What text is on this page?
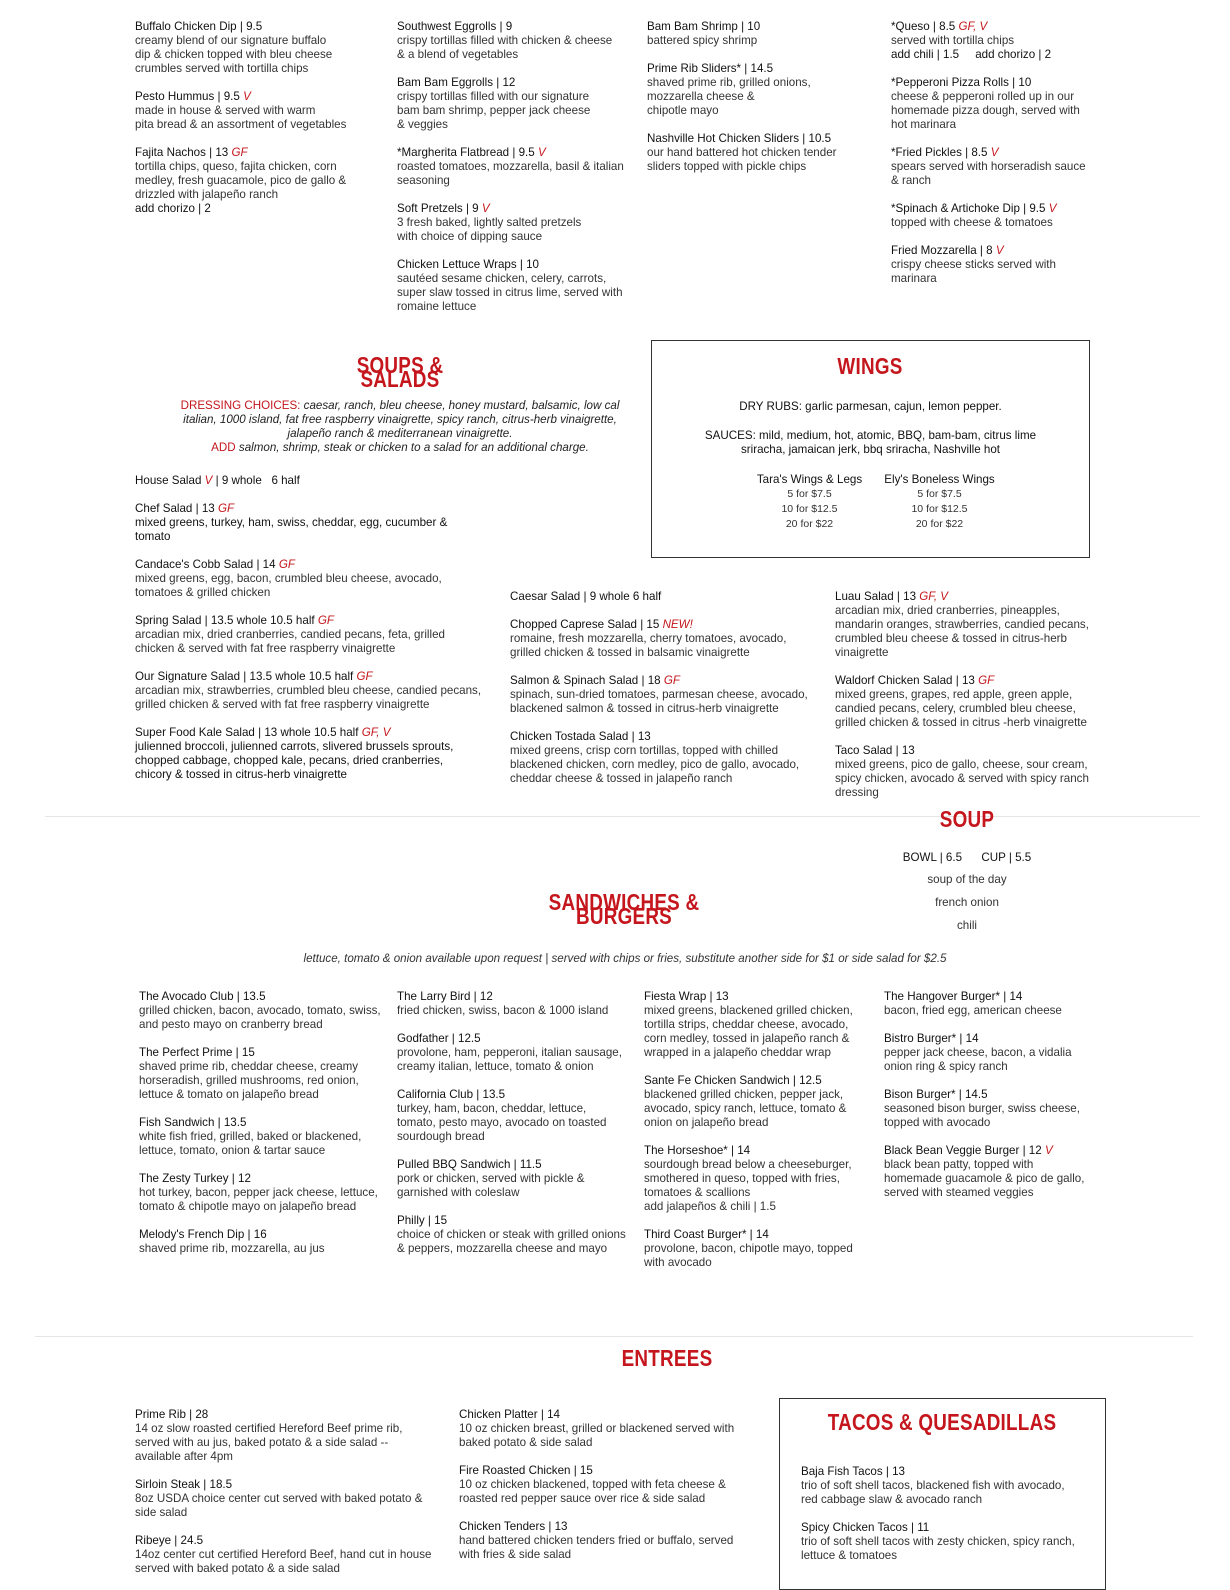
Buffalo Chicken Dip | 9.5
creamy blend of our signature buffalo
dip & chicken topped with bleu cheese
crumbles served with tortilla chips
Pesto Hummus | 9.5 V
made in house & served with warm
pita bread & an assortment of vegetables
Fajita Nachos | 13 GF
tortilla chips, queso, fajita chicken, corn
medley, fresh guacamole, pico de gallo &
drizzled with jalapeño ranch
add chorizo | 2
Southwest Eggrolls | 9
crispy tortillas filled with chicken & cheese
& a blend of vegetables
Bam Bam Eggrolls | 12
crispy tortillas filled with our signature
bam bam shrimp, pepper jack cheese
& veggies
*Margherita Flatbread | 9.5 V
roasted tomatoes, mozzarella, basil & italian
seasoning
Soft Pretzels | 9 V
3 fresh baked, lightly salted pretzels
with choice of dipping sauce
Chicken Lettuce Wraps | 10
sautéed sesame chicken, celery, carrots,
super slaw tossed in citrus lime, served with
romaine lettuce
Bam Bam Shrimp | 10
battered spicy shrimp
Prime Rib Sliders* | 14.5
shaved prime rib, grilled onions,
mozzarella cheese &
chipotle mayo
Nashville Hot Chicken Sliders | 10.5
our hand battered hot chicken tender
sliders topped with pickle chips
*Queso | 8.5 GF, V
served with tortilla chips
add chili | 1.5     add chorizo | 2
*Pepperoni Pizza Rolls | 10
cheese & pepperoni rolled up in our
homemade pizza dough, served with
hot marinara
*Fried Pickles | 8.5 V
spears served with horseradish sauce
& ranch
*Spinach & Artichoke Dip | 9.5 V
topped with cheese & tomatoes
Fried Mozzarella | 8 V
crispy cheese sticks served with
marinara
SOUPS & SALADS
DRESSING CHOICES: caesar, ranch, bleu cheese, honey mustard, balsamic, low cal italian, 1000 island, fat free raspberry vinaigrette, spicy ranch, citrus-herb vinaigrette, jalapeño ranch & mediterranean vinaigrette.
ADD salmon, shrimp, steak or chicken to a salad for an additional charge.
House Salad V | 9 whole   6 half
Chef Salad | 13 GF
mixed greens, turkey, ham, swiss, cheddar, egg, cucumber &
tomato
Candace's Cobb Salad | 14 GF
mixed greens, egg, bacon, crumbled bleu cheese, avocado,
tomatoes & grilled chicken
Spring Salad | 13.5 whole 10.5 half GF
arcadian mix, dried cranberries, candied pecans, feta, grilled
chicken & served with fat free raspberry vinaigrette
Our Signature Salad | 13.5 whole 10.5 half GF
arcadian mix, strawberries, crumbled bleu cheese, candied pecans,
grilled chicken & served with fat free raspberry vinaigrette
Super Food Kale Salad | 13 whole 10.5 half GF, V
julienned broccoli, julienned carrots, slivered brussels sprouts,
chopped cabbage, chopped kale, pecans, dried cranberries,
chicory & tossed in citrus-herb vinaigrette
Caesar Salad | 9 whole 6 half
Chopped Caprese Salad | 15 NEW!
romaine, fresh mozzarella, cherry tomatoes, avocado,
grilled chicken & tossed in balsamic vinaigrette
Salmon & Spinach Salad | 18 GF
spinach, sun-dried tomatoes, parmesan cheese, avocado,
blackened salmon & tossed in citrus-herb vinaigrette
Chicken Tostada Salad | 13
mixed greens, crisp corn tortillas, topped with chilled
blackened chicken, corn medley, pico de gallo, avocado,
cheddar cheese & tossed in jalapeño ranch
Luau Salad | 13 GF, V
arcadian mix, dried cranberries, pineapples,
mandarin oranges, strawberries, candied pecans,
crumbled bleu cheese & tossed in citrus-herb
vinaigrette
Waldorf Chicken Salad | 13 GF
mixed greens, grapes, red apple, green apple,
candied pecans, celery, crumbled bleu cheese,
grilled chicken & tossed in citrus -herb vinaigrette
Taco Salad | 13
mixed greens, pico de gallo, cheese, sour cream,
spicy chicken, avocado & served with spicy ranch
dressing
WINGS
DRY RUBS: garlic parmesan, cajun, lemon pepper.
SAUCES: mild, medium, hot, atomic, BBQ, bam-bam, citrus lime
sriracha, jamaican jerk, bbq sriracha, Nashville hot
Tara's Wings & Legs
5 for $7.5
10 for $12.5
20 for $22
Ely's Boneless Wings
5 for $7.5
10 for $12.5
20 for $22
SOUP
BOWL | 6.5      CUP | 5.5
soup of the day
french onion
chili
SANDWICHES & BURGERS
lettuce, tomato & onion available upon request | served with chips or fries, substitute another side for $1 or side salad for $2.5
The Avocado Club | 13.5
grilled chicken, bacon, avocado, tomato, swiss,
and pesto mayo on cranberry bread
The Perfect Prime | 15
shaved prime rib, cheddar cheese, creamy
horseradish, grilled mushrooms, red onion,
lettuce & tomato on jalapeño bread
Fish Sandwich | 13.5
white fish fried, grilled, baked or blackened,
lettuce, tomato, onion & tartar sauce
The Zesty Turkey | 12
hot turkey, bacon, pepper jack cheese, lettuce,
tomato & chipotle mayo on jalapeño bread
Melody's French Dip | 16
shaved prime rib, mozzarella, au jus
The Larry Bird | 12
fried chicken, swiss, bacon & 1000 island
Godfather | 12.5
provolone, ham, pepperoni, italian sausage,
creamy italian, lettuce, tomato & onion
California Club | 13.5
turkey, ham, bacon, cheddar, lettuce,
tomato, pesto mayo, avocado on toasted
sourdough bread
Pulled BBQ Sandwich | 11.5
pork or chicken, served with pickle &
garnished with coleslaw
Philly | 15
choice of chicken or steak with grilled onions
& peppers, mozzarella cheese and mayo
Fiesta Wrap | 13
mixed greens, blackened grilled chicken,
tortilla strips, cheddar cheese, avocado,
corn medley, tossed in jalapeño ranch &
wrapped in a jalapeño cheddar wrap
Sante Fe Chicken Sandwich | 12.5
blackened grilled chicken, pepper jack,
avocado, spicy ranch, lettuce, tomato &
onion on jalapeño bread
The Horseshoe* | 14
sourdough bread below a cheeseburger,
smothered in queso, topped with fries,
tomatoes & scallions
add jalapeños & chili | 1.5
Third Coast Burger* | 14
provolone, bacon, chipotle mayo, topped
with avocado
The Hangover Burger* | 14
bacon, fried egg, american cheese
Bistro Burger* | 14
pepper jack cheese, bacon, a vidalia
onion ring & spicy ranch
Bison Burger* | 14.5
seasoned bison burger, swiss cheese,
topped with avocado
Black Bean Veggie Burger | 12 V
black bean patty, topped with
homemade guacamole & pico de gallo,
served with steamed veggies
ENTREES
Prime Rib | 28
14 oz slow roasted certified Hereford Beef prime rib,
served with au jus, baked potato & a side salad --
available after 4pm
Sirloin Steak | 18.5
8oz USDA choice center cut served with baked potato &
side salad
Ribeye | 24.5
14oz center cut certified Hereford Beef, hand cut in house
served with baked potato & a side salad
Chicken Platter | 14
10 oz chicken breast, grilled or blackened served with
baked potato & side salad
Fire Roasted Chicken | 15
10 oz chicken blackened, topped with feta cheese &
roasted red pepper sauce over rice & side salad
Chicken Tenders | 13
hand battered chicken tenders fried or buffalo, served
with fries & side salad
TACOS & QUESADILLAS
Baja Fish Tacos | 13
trio of soft shell tacos, blackened fish with avocado,
red cabbage slaw & avocado ranch
Spicy Chicken Tacos | 11
trio of soft shell tacos with zesty chicken, spicy ranch,
lettuce & tomatoes
